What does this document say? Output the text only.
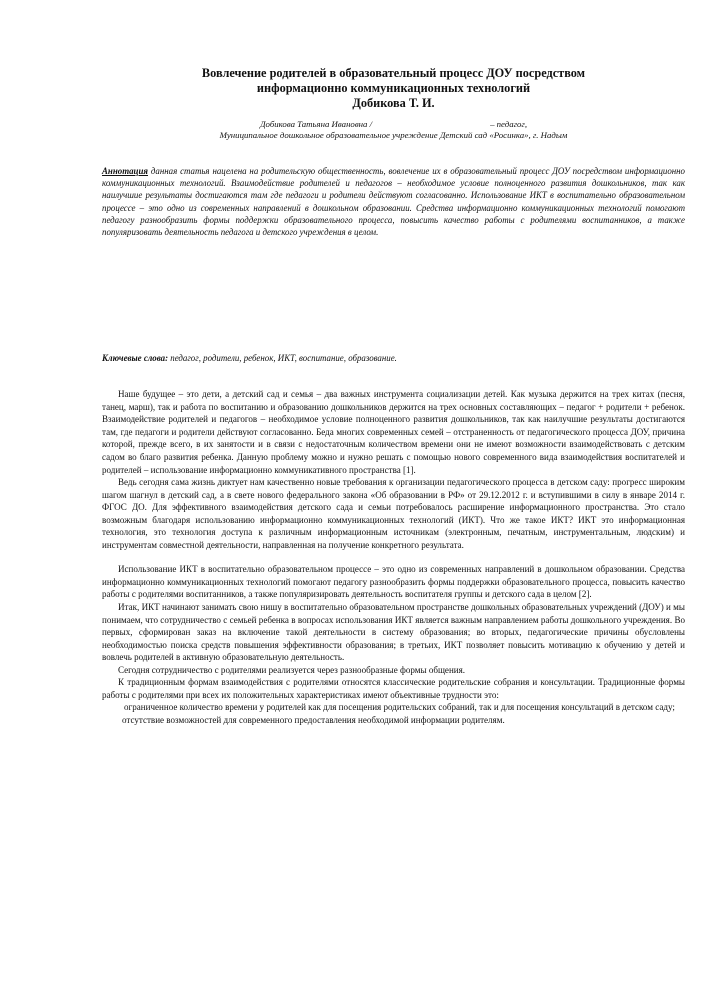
Вовлечение родителей в образовательный процесс ДОУ посредством
информационно коммуникационных технологий
Добикова Т. И.
Добикова Татьяна Ивановна /	– педагог,
Муниципальное дошкольное образовательное учреждение Детский сад «Росинка», г. Надым
Аннотация данная статья нацелена на родительскую общественность, вовлечение их в образовательный процесс ДОУ посредством информационно коммуникационных технологий. Взаимодействие родителей и педагогов – необходимое условие полноценного развития дошкольников, так как наилучшие результаты достигаются там где педагоги и родители действуют согласованно. Использование ИКТ в воспитательно образовательном процессе – это одно из современных направлений в дошкольном образовании. Средства информационно коммуникационных технологий помогают педагогу разнообразить формы поддержки образовательного процесса, повысить качество работы с родителями воспитанников, а также популяризовать деятельность педагога и детского учреждения в целом.
Ключевые слова: педагог, родители, ребенок, ИКТ, воспитание, образование.

Наше будущее – это дети, а детский сад и семья – два важных инструмента социализации детей. Как музыка держится на трех китах (песня, танец, марш), так и работа по воспитанию и образованию дошкольников держится на трех основных составляющих – педагог + родители + ребенок. Взаимодействие родителей и педагогов – необходимое условие полноценного развития дошкольников, так как наилучшие результаты достигаются там, где педагоги и родители действуют согласованно. Беда многих современных семей – отстраненность от педагогического процесса ДОУ, причина которой, прежде всего, в их занятости и в связи с недостаточным количеством времени они не имеют возможности взаимодействовать с детским садом во благо развития ребенка. Данную проблему можно и нужно решать с помощью нового современного вида взаимодействия воспитателей и родителей – использование информационно коммуникативного пространства [1].

Ведь сегодня сама жизнь диктует нам качественно новые требования к организации педагогического процесса в детском саду: прогресс широким шагом шагнул в детский сад, а в свете нового федерального закона «Об образовании в РФ» от 29.12.2012 г. и вступившими в силу в январе 2014 г. ФГОС ДО. Для эффективного взаимодействия детского сада и семьи потребовалось расширение информационного пространства. Это стало возможным благодаря использованию информационно коммуникационных технологий (ИКТ). Что же такое ИКТ? ИКТ это информационная технология, это технология доступа к различным информационным источникам (электронным, печатным, инструментальным, людским) и инструментам совместной деятельности, направленная на получение конкретного результата.

Использование ИКТ в воспитательно образовательном процессе – это одно из современных направлений в дошкольном образовании. Средства информационно коммуникационных технологий помогают педагогу разнообразить формы поддержки образовательного процесса, повысить качество работы с родителями воспитанников, а также популяризировать деятельность воспитателя группы и детского сада в целом [2].

Итак, ИКТ начинают занимать свою нишу в воспитательно образовательном пространстве дошкольных образовательных учреждений (ДОУ) и мы понимаем, что сотрудничество с семьей ребенка в вопросах использования ИКТ является важным направлением работы дошкольного учреждения. Во первых, сформирован заказ на включение такой деятельности в систему образования; во вторых, педагогические причины обусловлены необходимостью поиска средств повышения эффективности образования; в третьих, ИКТ позволяет повысить мотивацию к обучению у детей и вовлечь родителей в активную образовательную деятельность.

Сегодня сотрудничество с родителями реализуется через разнообразные формы общения.

К традиционным формам взаимодействия с родителями относятся классические родительские собрания и консультации. Традиционные формы работы с родителями при всех их положительных характеристиках имеют объективные трудности это:

ограниченное количество времени у родителей как для посещения родительских собраний, так и для посещения консультаций в детском саду;

отсутствие возможностей для современного предоставления необходимой информации родителям.
